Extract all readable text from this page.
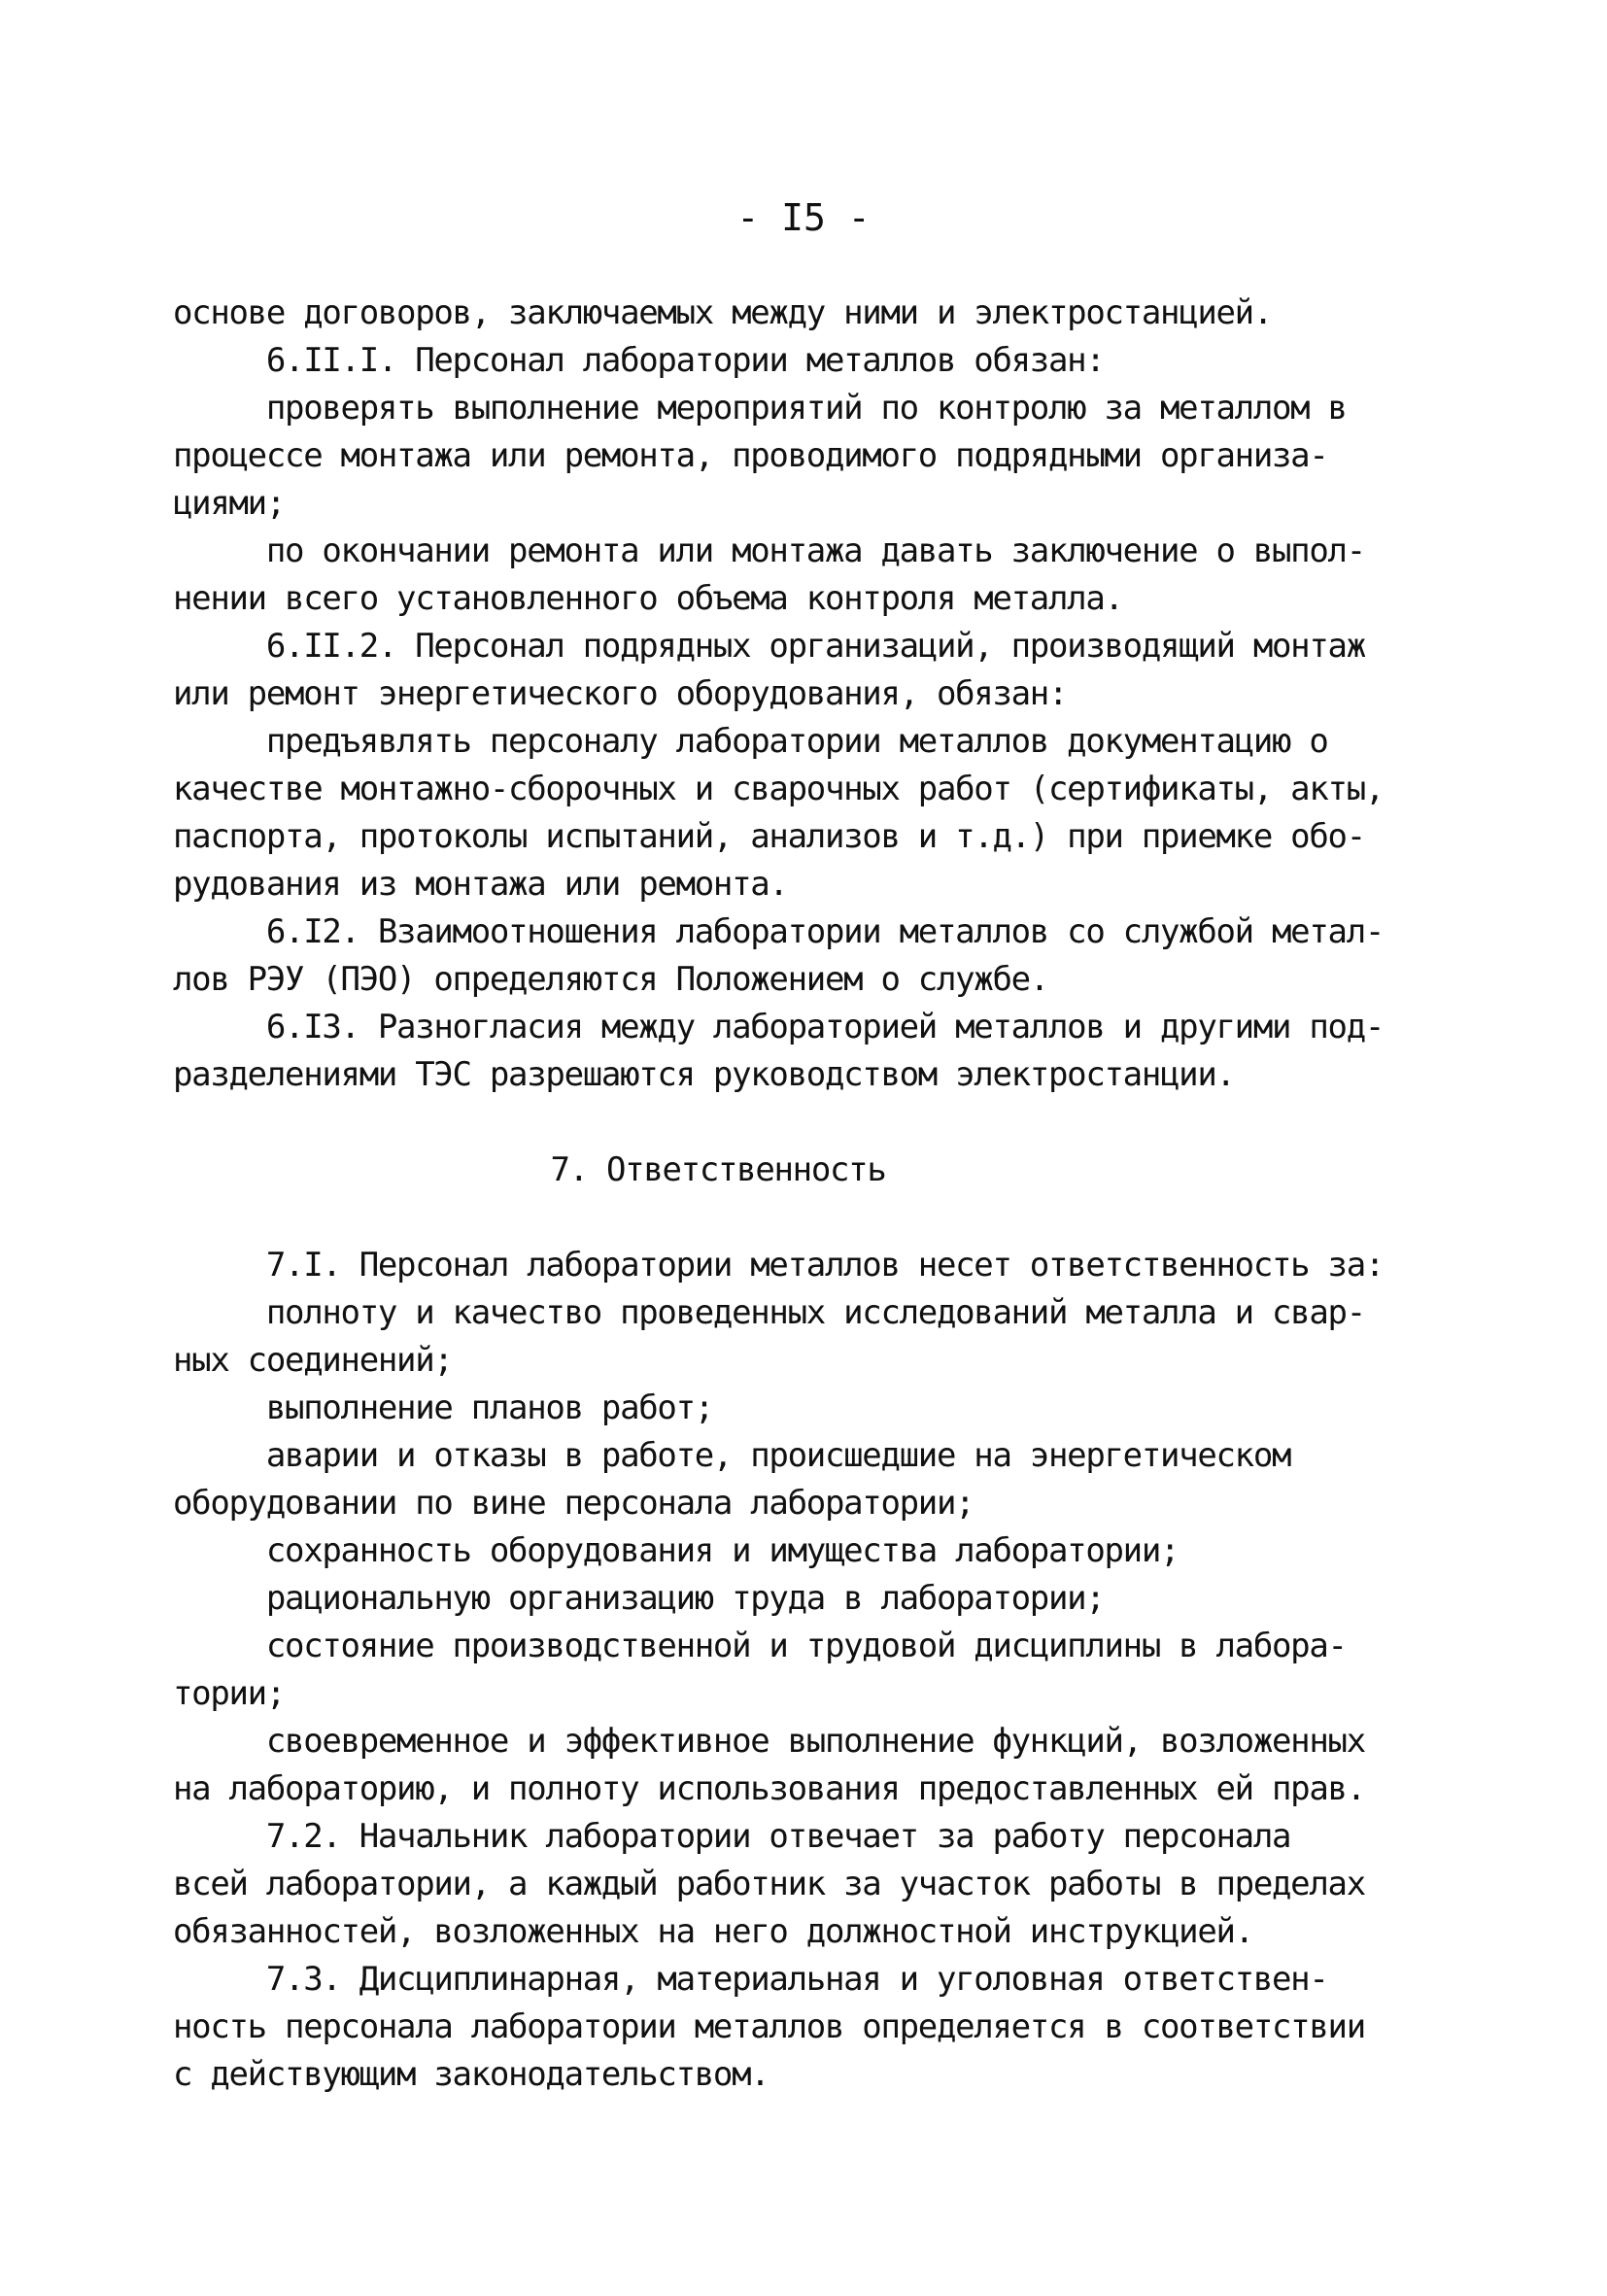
- I5 -
основе договоров, заключаемых между ними и электростанцией.
6.II.I. Персонал лаборатории металлов обязан:
проверять выполнение мероприятий по контролю за металлом в
процессе монтажа или ремонта, проводимого подрядными организа-
циями;
по окончании ремонта или монтажа давать заключение о выпол-
нении всего установленного объема контроля металла.
6.II.2. Персонал подрядных организаций, производящий монтаж
или ремонт энергетического оборудования, обязан:
предъявлять персоналу лаборатории металлов документацию о
качестве монтажно-сборочных и сварочных работ (сертификаты, акты,
паспорта, протоколы испытаний, анализов и т.д.) при приемке обо-
рудования из монтажа или ремонта.
6.I2. Взаимоотношения лаборатории металлов со службой метал-
лов РЭУ (ПЭО) определяются Положением о службе.
6.I3. Разногласия между лабораторией металлов и другими под-
разделениями ТЭС разрешаются руководством электростанции.
7. Ответственность
7.I. Персонал лаборатории металлов несет ответственность за:
полноту и качество проведенных исследований металла и свар-
ных соединений;
выполнение планов работ;
аварии и отказы в работе, происшедшие на энергетическом
оборудовании по вине персонала лаборатории;
сохранность оборудования и имущества лаборатории;
рациональную организацию труда в лаборатории;
состояние производственной и трудовой дисциплины в лабора-
тории;
своевременное и эффективное выполнение функций, возложенных
на лабораторию, и полноту использования предоставленных ей прав.
7.2. Начальник лаборатории отвечает за работу персонала
всей лаборатории, а каждый работник за участок работы в пределах
обязанностей, возложенных на него должностной инструкцией.
7.3. Дисциплинарная, материальная и уголовная ответствен-
ность персонала лаборатории металлов определяется в соответствии
с действующим законодательством.
